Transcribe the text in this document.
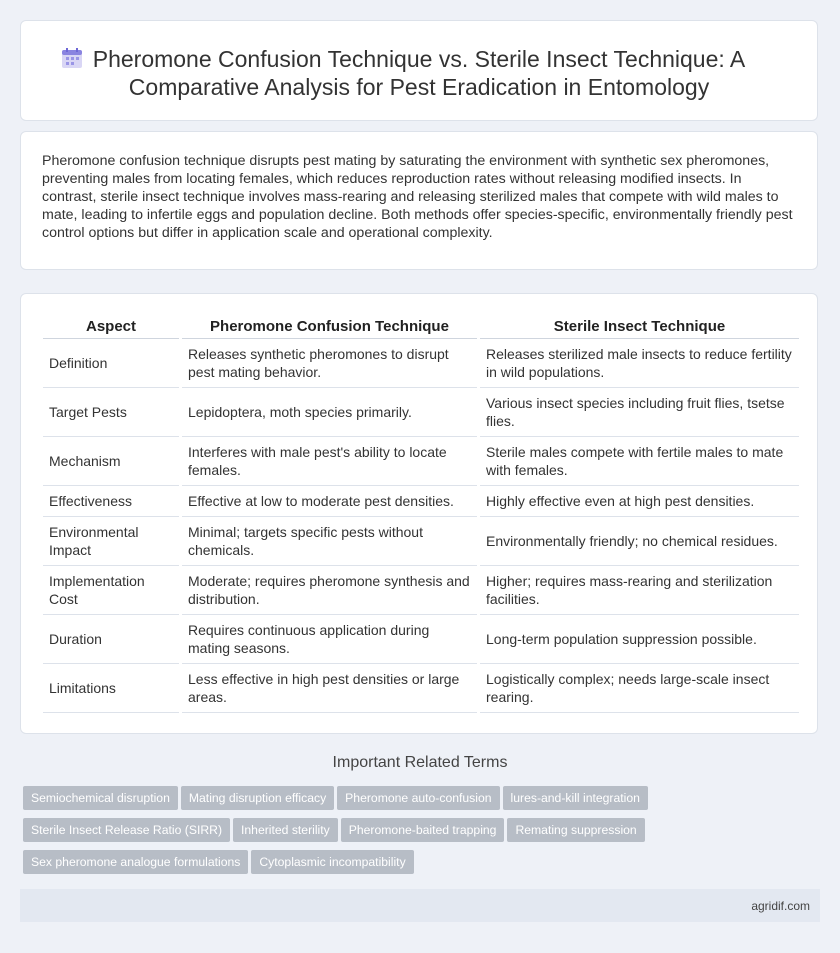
Pheromone Confusion Technique vs. Sterile Insect Technique: A Comparative Analysis for Pest Eradication in Entomology

Pheromone confusion technique disrupts pest mating by saturating the environment with synthetic sex pheromones, preventing males from locating females, which reduces reproduction rates without releasing modified insects. In contrast, sterile insect technique involves mass-rearing and releasing sterilized males that compete with wild males to mate, leading to infertile eggs and population decline. Both methods offer species-specific, environmentally friendly pest control options but differ in application scale and operational complexity.

Aspect	Pheromone Confusion Technique	Sterile Insect Technique
Definition	Releases synthetic pheromones to disrupt pest mating behavior.	Releases sterilized male insects to reduce fertility in wild populations.
Target Pests	Lepidoptera, moth species primarily.	Various insect species including fruit flies, tsetse flies.
Mechanism	Interferes with male pest's ability to locate females.	Sterile males compete with fertile males to mate with females.
Effectiveness	Effective at low to moderate pest densities.	Highly effective even at high pest densities.
Environmental Impact	Minimal; targets specific pests without chemicals.	Environmentally friendly; no chemical residues.
Implementation Cost	Moderate; requires pheromone synthesis and distribution.	Higher; requires mass-rearing and sterilization facilities.
Duration	Requires continuous application during mating seasons.	Long-term population suppression possible.
Limitations	Less effective in high pest densities or large areas.	Logistically complex; needs large-scale insect rearing.
Important Related Terms
Semiochemical disruption Mating disruption efficacy Pheromone auto-confusion lures-and-kill integration
Sterile Insect Release Ratio (SIRR) Inherited sterility Pheromone-baited trapping Remating suppression
Sex pheromone analogue formulations Cytoplasmic incompatibility
agridif.com
